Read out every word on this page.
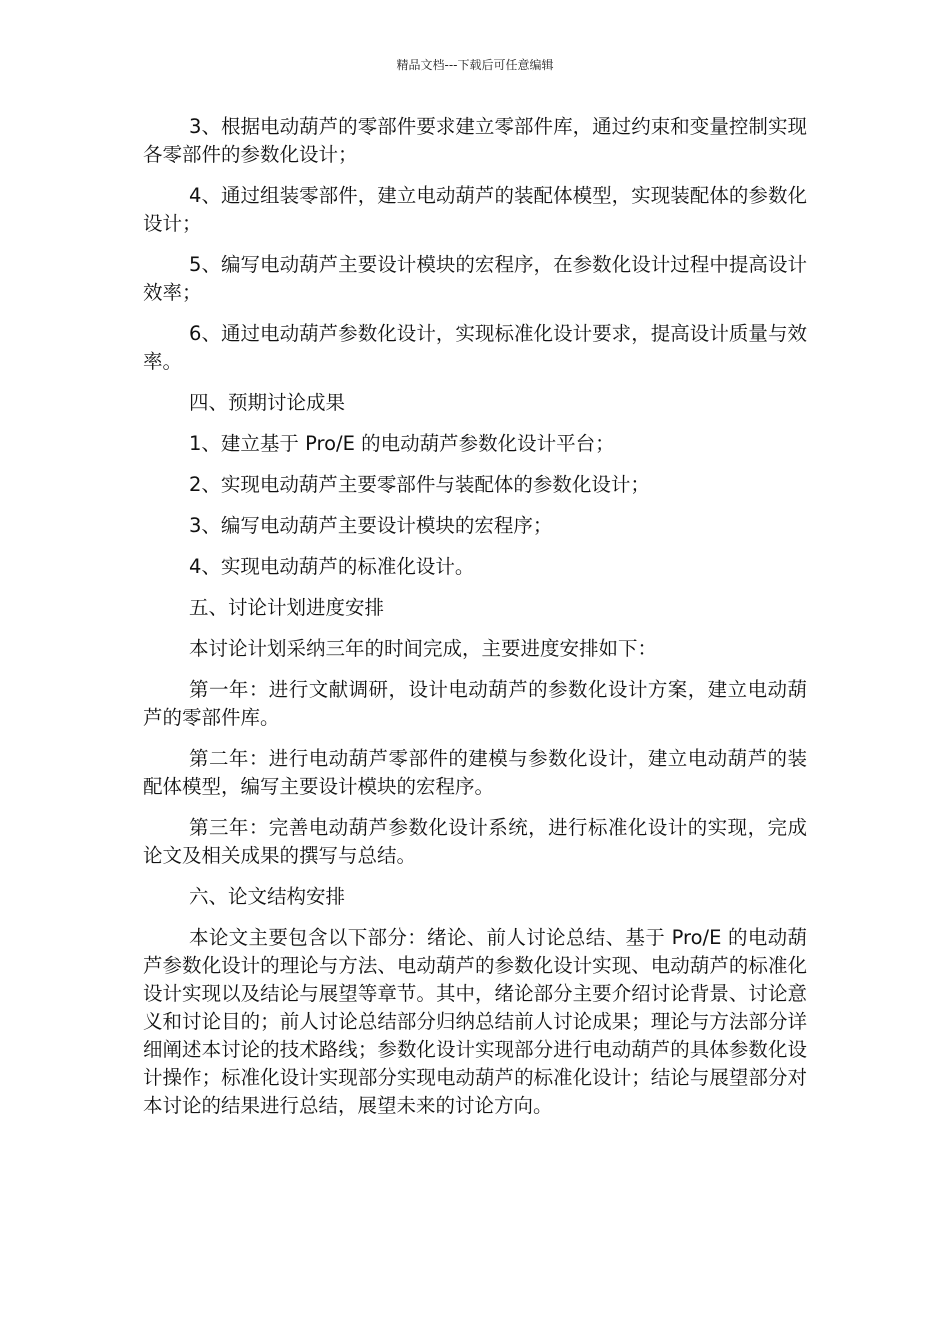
精品文档---下载后可任意编辑

3、根据电动葫芦的零部件要求建立零部件库，通过约束和变量控制实现各零部件的参数化设计；

4、通过组装零部件，建立电动葫芦的装配体模型，实现装配体的参数化设计；

5、编写电动葫芦主要设计模块的宏程序，在参数化设计过程中提高设计效率；

6、通过电动葫芦参数化设计，实现标准化设计要求，提高设计质量与效率。

四、预期讨论成果

1、建立基于 Pro/E 的电动葫芦参数化设计平台；

2、实现电动葫芦主要零部件与装配体的参数化设计；

3、编写电动葫芦主要设计模块的宏程序；

4、实现电动葫芦的标准化设计。

五、讨论计划进度安排

本讨论计划采纳三年的时间完成，主要进度安排如下：

第一年：进行文献调研，设计电动葫芦的参数化设计方案，建立电动葫芦的零部件库。

第二年：进行电动葫芦零部件的建模与参数化设计，建立电动葫芦的装配体模型，编写主要设计模块的宏程序。

第三年：完善电动葫芦参数化设计系统，进行标准化设计的实现，完成论文及相关成果的撰写与总结。

六、论文结构安排

本论文主要包含以下部分：绪论、前人讨论总结、基于 Pro/E 的电动葫芦参数化设计的理论与方法、电动葫芦的参数化设计实现、电动葫芦的标准化设计实现以及结论与展望等章节。其中，绪论部分主要介绍讨论背景、讨论意义和讨论目的；前人讨论总结部分归纳总结前人讨论成果；理论与方法部分详细阐述本讨论的技术路线；参数化设计实现部分进行电动葫芦的具体参数化设计操作；标准化设计实现部分实现电动葫芦的标准化设计；结论与展望部分对本讨论的结果进行总结，展望未来的讨论方向。
